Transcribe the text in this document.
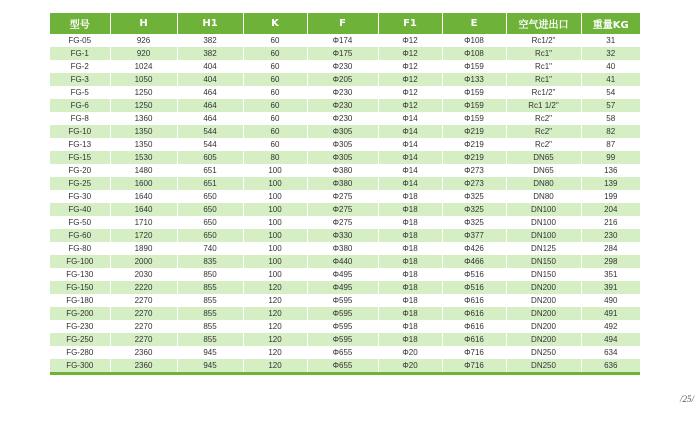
型号	H	H1	K	F	F1	E	空气进出口	重量KG
FG-05	926	382	60	Φ174	Φ12	Φ108	Rc1/2"	31
FG-1	920	382	60	Φ175	Φ12	Φ108	Rc1"	32
FG-2	1024	404	60	Φ230	Φ12	Φ159	Rc1"	40
FG-3	1050	404	60	Φ205	Φ12	Φ133	Rc1"	41
FG-5	1250	464	60	Φ230	Φ12	Φ159	Rc1/2"	54
FG-6	1250	464	60	Φ230	Φ12	Φ159	Rc1 1/2"	57
FG-8	1360	464	60	Φ230	Φ14	Φ159	Rc2"	58
FG-10	1350	544	60	Φ305	Φ14	Φ219	Rc2"	82
FG-13	1350	544	60	Φ305	Φ14	Φ219	Rc2"	87
FG-15	1530	605	80	Φ305	Φ14	Φ219	DN65	99
FG-20	1480	651	100	Φ380	Φ14	Φ273	DN65	136
FG-25	1600	651	100	Φ380	Φ14	Φ273	DN80	139
FG-30	1640	650	100	Φ275	Φ18	Φ325	DN80	199
FG-40	1640	650	100	Φ275	Φ18	Φ325	DN100	204
FG-50	1710	650	100	Φ275	Φ18	Φ325	DN100	216
FG-60	1720	650	100	Φ330	Φ18	Φ377	DN100	230
FG-80	1890	740	100	Φ380	Φ18	Φ426	DN125	284
FG-100	2000	835	100	Φ440	Φ18	Φ466	DN150	298
FG-130	2030	850	100	Φ495	Φ18	Φ516	DN150	351
FG-150	2220	855	120	Φ495	Φ18	Φ516	DN200	391
FG-180	2270	855	120	Φ595	Φ18	Φ616	DN200	490
FG-200	2270	855	120	Φ595	Φ18	Φ616	DN200	491
FG-230	2270	855	120	Φ595	Φ18	Φ616	DN200	492
FG-250	2270	855	120	Φ595	Φ18	Φ616	DN200	494
FG-280	2360	945	120	Φ655	Φ20	Φ716	DN250	634
FG-300	2360	945	120	Φ655	Φ20	Φ716	DN250	636
/25/
